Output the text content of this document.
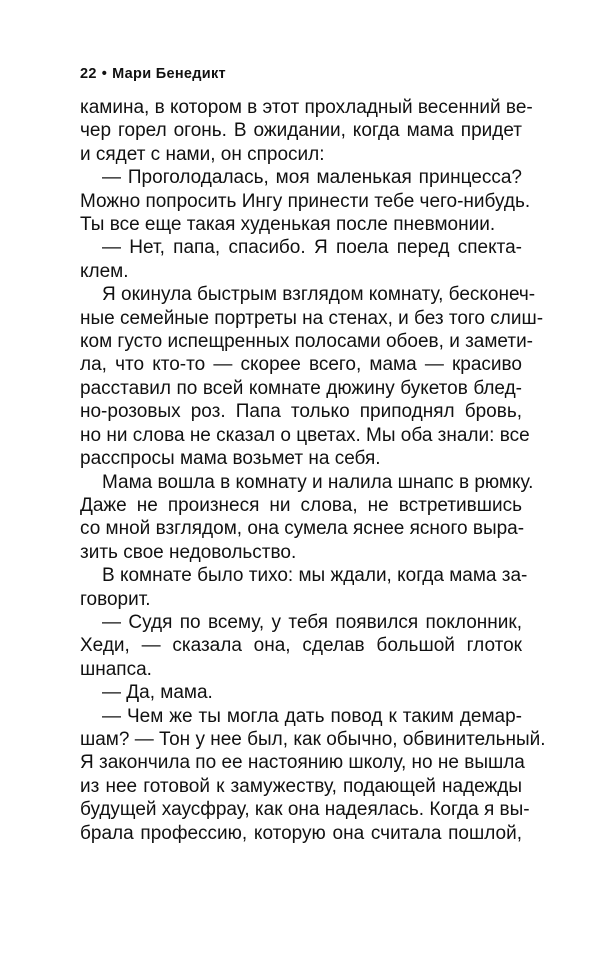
22 • Мари Бенедикт
камина, в котором в этот прохладный весенний ве-
чер горел огонь. В ожидании, когда мама придет
и сядет с нами, он спросил:
— Проголодалась, моя маленькая принцесса?
Можно попросить Ингу принести тебе чего-нибудь.
Ты все еще такая худенькая после пневмонии.
— Нет, папа, спасибо. Я поела перед спекта-
клем.
Я окинула быстрым взглядом комнату, бесконеч-
ные семейные портреты на стенах, и без того слиш-
ком густо испещренных полосами обоев, и замети-
ла, что кто-то — скорее всего, мама — красиво
расставил по всей комнате дюжину букетов блед-
но-розовых роз. Папа только приподнял бровь,
но ни слова не сказал о цветах. Мы оба знали: все
расспросы мама возьмет на себя.
Мама вошла в комнату и налила шнапс в рюмку.
Даже не произнеся ни слова, не встретившись
со мной взглядом, она сумела яснее ясного выра-
зить свое недовольство.
В комнате было тихо: мы ждали, когда мама за-
говорит.
— Судя по всему, у тебя появился поклонник,
Хеди, — сказала она, сделав большой глоток
шнапса.
— Да, мама.
— Чем же ты могла дать повод к таким демар-
шам? — Тон у нее был, как обычно, обвинительный.
Я закончила по ее настоянию школу, но не вышла
из нее готовой к замужеству, подающей надежды
будущей хаусфрау, как она надеялась. Когда я вы-
брала профессию, которую она считала пошлой,
